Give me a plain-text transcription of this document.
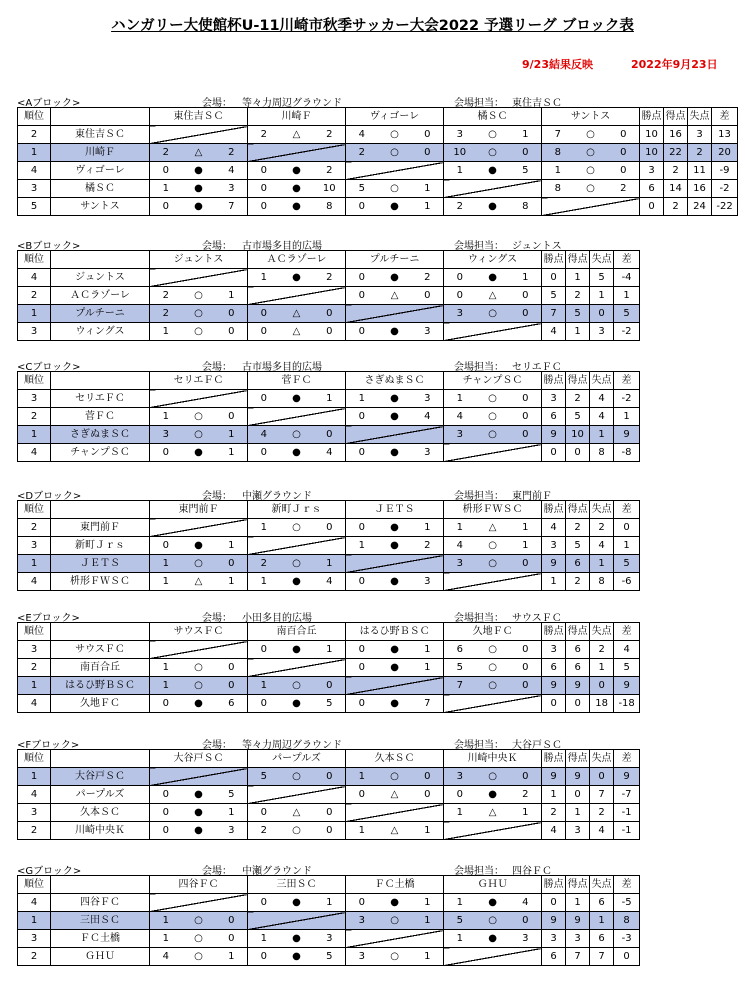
ハンガリー大使館杯U-11川崎市秋季サッカー大会2022 予選リーグ ブロック表
9/23結果反映	2022年9月23日
<Aブロック>	会場： 等々力周辺グラウンド	会場担当： 東住吉ＳＣ
順位		東住吉ＳＣ			川崎Ｆ			ヴィゴーレ			橘ＳＣ			サントス			勝点	得点	失点	差
2	東住吉ＳＣ				2	△	2	4	○	0	3	○	1	7	○	0	10	16	3	13
1	川崎Ｆ	2	△	2				2	○	0	10	○	0	8	○	0	10	22	2	20
4	ヴィゴーレ	0	●	4	0	●	2				1	●	5	1	○	0	3	2	11	-9
3	橘ＳＣ	1	●	3	0	●	10	5	○	1				8	○	2	6	14	16	-2
5	サントス	0	●	7	0	●	8	0	●	1	2	●	8				0	2	24	-22
<Bブロック>	会場： 古市場多目的広場	会場担当： ジュントス
順位		ジュントス			ＡＣラゾーレ			プルチーニ			ウィングス			勝点	得点	失点	差
4	ジュントス				1	●	2	0	●	2	0	●	1	0	1	5	-4
2	ＡＣラゾーレ	2	○	1				0	△	0	0	△	0	5	2	1	1
1	プルチーニ	2	○	0	0	△	0				3	○	0	7	5	0	5
3	ウィングス	1	○	0	0	△	0	0	●	3				4	1	3	-2
<Cブロック>	会場： 古市場多目的広場	会場担当： セリエＦＣ
順位		セリエＦＣ			菅ＦＣ			さぎぬまＳＣ			チャンプＳＣ			勝点	得点	失点	差
3	セリエＦＣ				0	●	1	1	●	3	1	○	0	3	2	4	-2
2	菅ＦＣ	1	○	0				0	●	4	4	○	0	6	5	4	1
1	さぎぬまＳＣ	3	○	1	4	○	0				3	○	0	9	10	1	9
4	チャンプＳＣ	0	●	1	0	●	4	0	●	3				0	0	8	-8
<Dブロック>	会場： 中瀬グラウンド	会場担当： 東門前Ｆ
順位		東門前Ｆ			新町Ｊｒｓ			ＪＥＴＳ			枡形ＦＷＳＣ			勝点	得点	失点	差
2	東門前Ｆ				1	○	0	0	●	1	1	△	1	4	2	2	0
3	新町Ｊｒｓ	0	●	1				1	●	2	4	○	1	3	5	4	1
1	ＪＥＴＳ	1	○	0	2	○	1				3	○	0	9	6	1	5
4	枡形ＦＷＳＣ	1	△	1	1	●	4	0	●	3				1	2	8	-6
<Eブロック>	会場： 小田多目的広場	会場担当： サウスＦＣ
順位		サウスＦＣ			南百合丘			はるひ野ＢＳＣ			久地ＦＣ			勝点	得点	失点	差
3	サウスＦＣ				0	●	1	0	●	1	6	○	0	3	6	2	4
2	南百合丘	1	○	0				0	●	1	5	○	0	6	6	1	5
1	はるひ野ＢＳＣ	1	○	0	1	○	0				7	○	0	9	9	0	9
4	久地ＦＣ	0	●	6	0	●	5	0	●	7				0	0	18	-18
<Fブロック>	会場： 等々力周辺グラウンド	会場担当： 大谷戸ＳＣ
順位		大谷戸ＳＣ			パープルズ			久本ＳＣ			川崎中央Ｋ			勝点	得点	失点	差
1	大谷戸ＳＣ				5	○	0	1	○	0	3	○	0	9	9	0	9
4	パープルズ	0	●	5				0	△	0	0	●	2	1	0	7	-7
3	久本ＳＣ	0	●	1	0	△	0				1	△	1	2	1	2	-1
2	川崎中央Ｋ	0	●	3	2	○	0	1	△	1				4	3	4	-1
<Gブロック>	会場： 中瀬グラウンド	会場担当： 四谷ＦＣ
順位		四谷ＦＣ			三田ＳＣ			ＦＣ土橋			ＧＨＵ			勝点	得点	失点	差
4	四谷ＦＣ				0	●	1	0	●	1	1	●	4	0	1	6	-5
1	三田ＳＣ	1	○	0				3	○	1	5	○	0	9	9	1	8
3	ＦＣ土橋	1	○	0	1	●	3				1	●	3	3	3	6	-3
2	ＧＨＵ	4	○	1	0	●	5	3	○	1				6	7	7	0
